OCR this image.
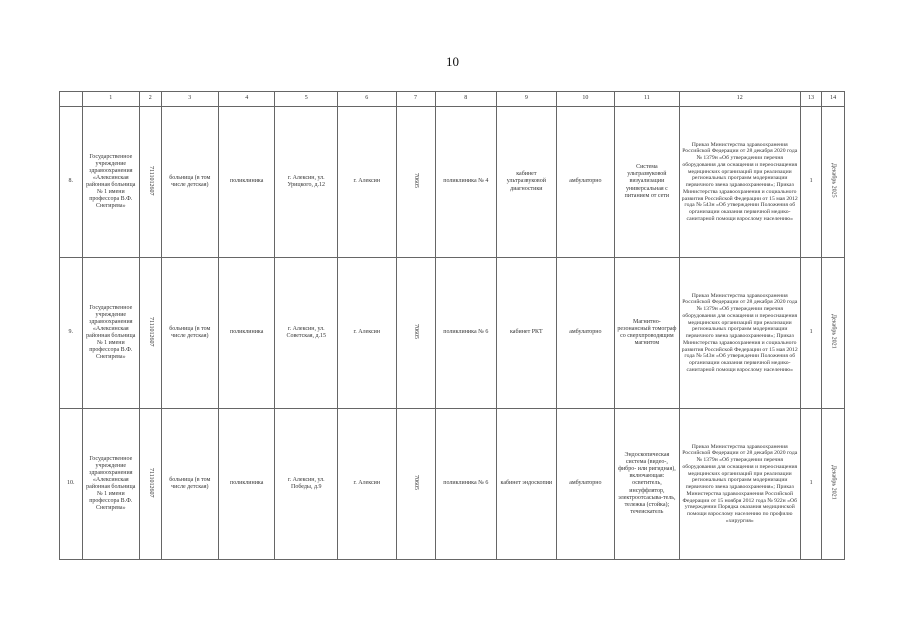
10
	1	2	3	4	5	6	7	8	9	10	11	12	13	14
8.	Государственное учреждение здравоохранения «Алексинская районная больница № 1 имени профессора В.Ф. Снегирева»	7111012607	больница (в том числе детская)	поликлиника	г. Алексин, ул. Урицкого, д.12	г. Алексин	70605	поликлиника № 4	кабинет ультразвуковой диагностики	амбулаторно	Система ультразвуковой визуализации универсальная с питанием от сети	Приказ Министерства здравоохранения Российской Федерации от 28 декабря 2020 года № 1379н «Об утверждении перечня оборудования для оснащения и переоснащения медицинских организаций при реализации региональных программ модернизации первичного звена здравоохранения»; Приказ Министерства здравоохранения и социального развития Российской Федерации от 15 мая 2012 года № 543н «Об утверждении Положения об организации оказания первичной медико-санитарной помощи взрослому населению»	1	Декабрь 2025
9.	Государственное учреждение здравоохранения «Алексинская районная больница № 1 имени профессора В.Ф. Снегирева»	7111012607	больница (в том числе детская)	поликлиника	г. Алексин, ул. Советская, д.15	г. Алексин	70605	поликлиника № 6	кабинет РКТ	амбулаторно	Магнитно-резонансный томограф со сверхпроводящим магнитом	Приказ Министерства здравоохранения Российской Федерации от 28 декабря 2020 года № 1379н «Об утверждении перечня оборудования для оснащения и переоснащения медицинских организаций при реализации региональных программ модернизации первичного звена здравоохранения»; Приказ Министерства здравоохранения и социального развития Российской Федерации от 15 мая 2012 года № 543н «Об утверждении Положения об организации оказания первичной медико-санитарной помощи взрослому населению»	1	Декабрь 2021
10.	Государственное учреждение здравоохранения «Алексинская районная больница № 1 имени профессора В.Ф. Снегирева»	7111012607	больница (в том числе детская)	поликлиника	г. Алексин, ул. Победы, д.9	г. Алексин	70605	поликлиника № 6	кабинет эндоскопии	амбулаторно	Эндоскопическая система (видео-, фибро- или ригидная), включающая: осветитель, инсуффлятор, электроотсасыва-тель, тележка (стойка); течеискатель	Приказ Министерства здравоохранения Российской Федерации от 28 декабря 2020 года № 1379н «Об утверждении перечня оборудования для оснащения и переоснащения медицинских организаций при реализации региональных программ модернизации первичного звена здравоохранения»; Приказ Министерства здравоохранения Российской Федерации от 15 ноября 2012 года № 922н «Об утверждении Порядка оказания медицинской помощи взрослому населению по профилю «хирургия»	1	Декабрь 2021
